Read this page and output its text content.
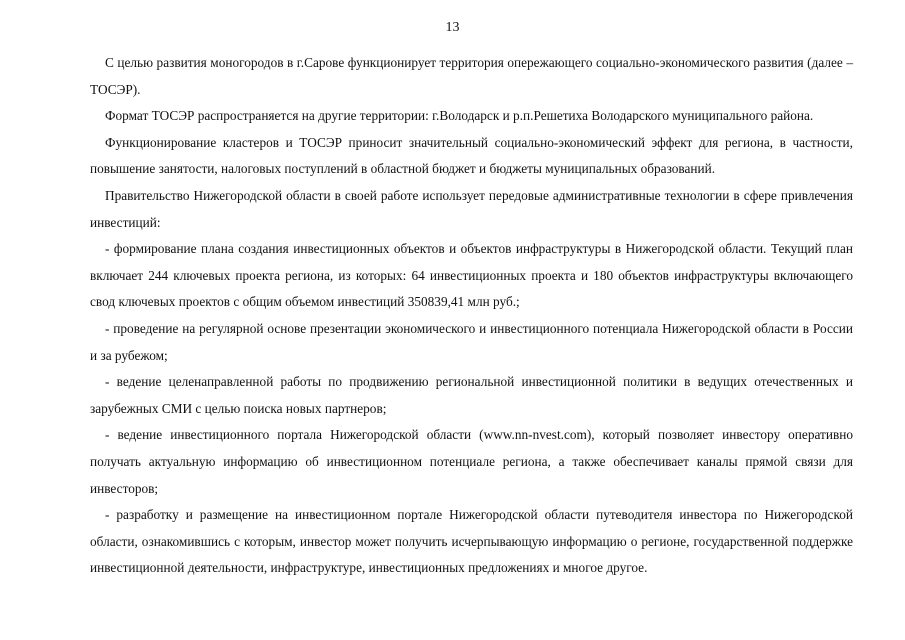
13

С целью развития моногородов в г.Сарове функционирует территория опережающего социально-экономического развития (далее – ТОСЭР).

Формат ТОСЭР распространяется на другие территории: г.Володарск и р.п.Решетиха Володарского муниципального района.

Функционирование кластеров и ТОСЭР приносит значительный социально-экономический эффект для региона, в частности, повышение занятости, налоговых поступлений в областной бюджет и бюджеты муниципальных образований.

Правительство Нижегородской области в своей работе использует передовые административные технологии в сфере привлечения инвестиций:

- формирование плана создания инвестиционных объектов и объектов инфраструктуры в Нижегородской области. Текущий план включает 244 ключевых проекта региона, из которых: 64 инвестиционных проекта и 180 объектов инфраструктуры включающего свод ключевых проектов с общим объемом инвестиций 350839,41 млн руб.;

- проведение на регулярной основе презентации экономического и инвестиционного потенциала Нижегородской области в России и за рубежом;

- ведение целенаправленной работы по продвижению региональной инвестиционной политики в ведущих отечественных и зарубежных СМИ с целью поиска новых партнеров;

- ведение инвестиционного портала Нижегородской области (www.nn-nvest.com), который позволяет инвестору оперативно получать актуальную информацию об инвестиционном потенциале региона, а также обеспечивает каналы прямой связи для инвесторов;

- разработку и размещение на инвестиционном портале Нижегородской области путеводителя инвестора по Нижегородской области, ознакомившись с которым, инвестор может получить исчерпывающую информацию о регионе, государственной поддержке инвестиционной деятельности, инфраструктуре, инвестиционных предложениях и многое другое.
